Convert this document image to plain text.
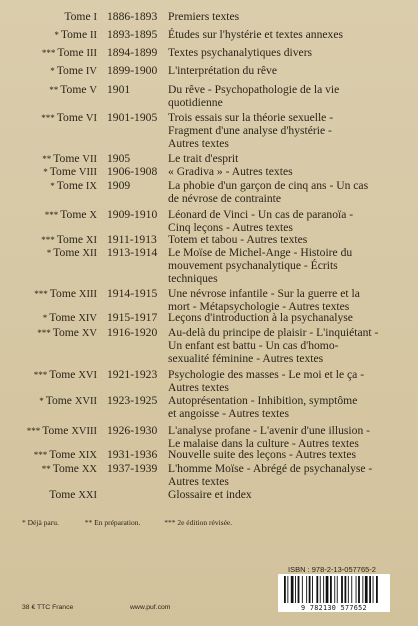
Tome I 1886-1893 Premiers textes
* Tome II 1893-1895 Études sur l'hystérie et textes annexes
*** Tome III 1894-1899 Textes psychanalytiques divers
* Tome IV 1899-1900 L'interprétation du rêve
** Tome V 1901	Du rêve - Psychopathologie de la vie
quotidienne
*** Tome VI 1901-1905 Trois essais sur la théorie sexuelle -
Fragment d'une analyse d'hystérie -
Autres textes
** Tome VII 1905	Le trait d'esprit
* Tome VIII 1906-1908 « Gradiva » - Autres textes
* Tome IX 1909	La phobie d'un garçon de cinq ans - Un cas
de névrose de contrainte
*** Tome X 1909-1910 Léonard de Vinci - Un cas de paranoïa -
Cinq leçons - Autres textes
*** Tome XI 1911-1913 Totem et tabou - Autres textes
* Tome XII 1913-1914 Le Moïse de Michel-Ange - Histoire du
mouvement psychanalytique - Écrits
techniques
*** Tome XIII 1914-1915 Une névrose infantile - Sur la guerre et la
mort - Métapsychologie - Autres textes
* Tome XIV 1915-1917 Leçons d'introduction à la psychanalyse
*** Tome XV 1916-1920 Au-delà du principe de plaisir - L'inquiétant -
Un enfant est battu - Un cas d'homo-
sexualité féminine - Autres textes
*** Tome XVI 1921-1923 Psychologie des masses - Le moi et le ça -
Autres textes
* Tome XVII 1923-1925 Autoprésentation - Inhibition, symptôme
et angoisse - Autres textes
*** Tome XVIII 1926-1930 L'analyse profane - L'avenir d'une illusion -
Le malaise dans la culture - Autres textes
*** Tome XIX 1931-1936 Nouvelle suite des leçons - Autres textes
** Tome XX 1937-1939 L'homme Moïse - Abrégé de psychanalyse -
Autres textes
Tome XXI	Glossaire et index
* Déjà paru.	** En préparation.	*** 2e édition révisée.
ISBN : 978-2-13-057765-2
9 782130 577652
38 € TTC France	www.puf.com
